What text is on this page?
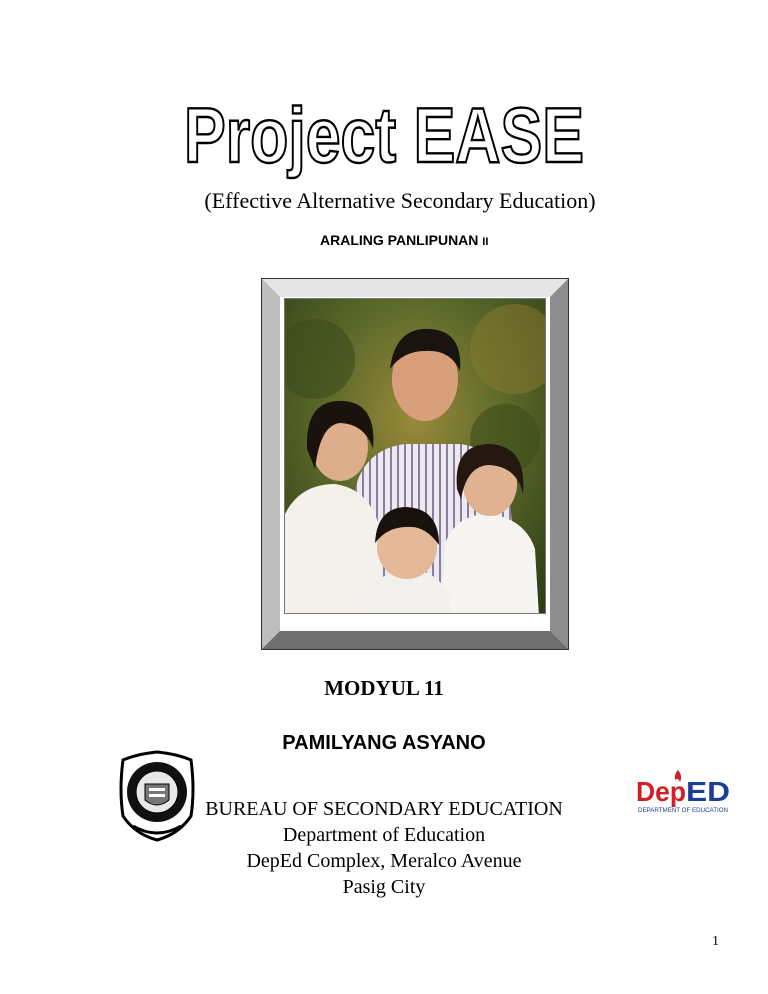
Project EASE
(Effective Alternative Secondary Education)
ARALING PANLIPUNAN II
MODYUL 11
PAMILYANG ASYANO
Dep ED
DEPARTMENT OF EDUCATION
BUREAU OF SECONDARY EDUCATION
Department of Education
DepEd Complex, Meralco Avenue
Pasig City
1
